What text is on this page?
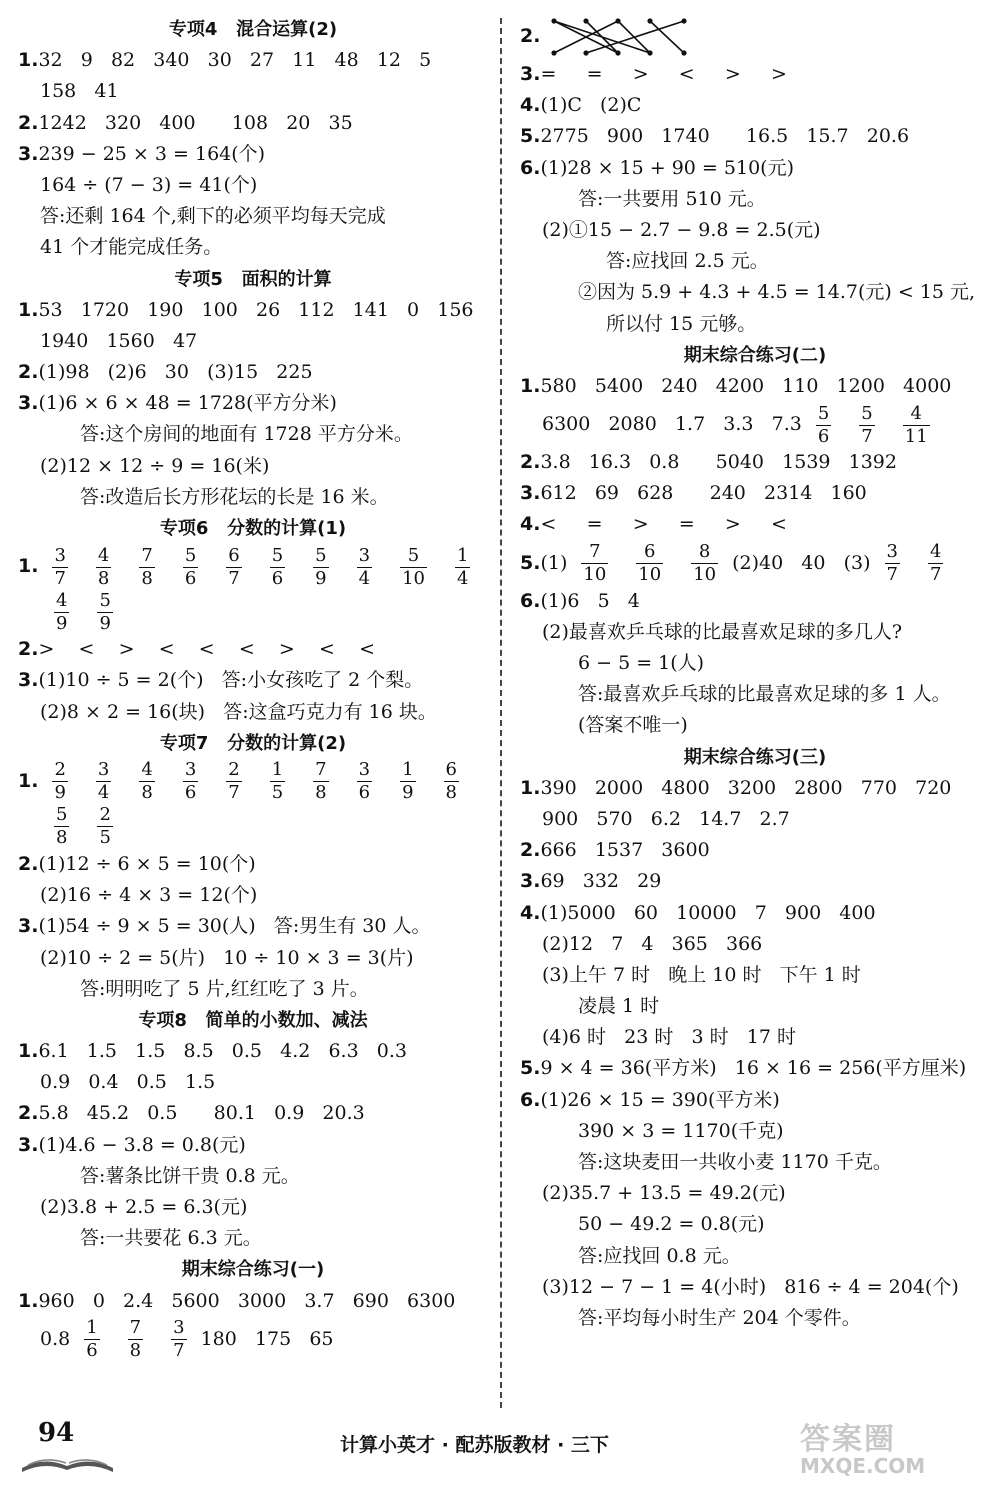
专项4   混合运算(2)
1.32   9   82   340   30   27   11   48   12   5
158   41
2.1242   320   400      108   20   35
3.239 − 25 × 3 = 164(个)
164 ÷ (7 − 3) = 41(个)
答:还剩 164 个,剩下的必须平均每天完成
41 个才能完成任务。
专项5   面积的计算
1.53   1720   190   100   26   112   141   0   156
1940   1560   47
2.(1)98   (2)6   30   (3)15   225
3.(1)6 × 6 × 48 = 1728(平方分米)
答:这个房间的地面有 1728 平方分米。
(2)12 × 12 ÷ 9 = 16(米)
答:改造后长方形花坛的长是 16 米。
专项6   分数的计算(1)
1. $\frac{3}{7} \frac{4}{8} \frac{7}{8} \frac{5}{6} \frac{6}{7} \frac{5}{6} \frac{5}{9} \frac{3}{4} \frac{5}{10} \frac{1}{4}$
$\frac{4}{9} \frac{5}{9}$
2.>    <    >    <    <    <    >    <    <
3.(1)10 ÷ 5 = 2(个)   答:小女孩吃了 2 个梨。
(2)8 × 2 = 16(块)   答:这盒巧克力有 16 块。
专项7   分数的计算(2)
1. $\frac{2}{9} \frac{3}{4} \frac{4}{8} \frac{3}{6} \frac{2}{7} \frac{1}{5} \frac{7}{8} \frac{3}{6} \frac{1}{9} \frac{6}{8}$
$\frac{5}{8} \frac{2}{5}$
2.(1)12 ÷ 6 × 5 = 10(个)
(2)16 ÷ 4 × 3 = 12(个)
3.(1)54 ÷ 9 × 5 = 30(人)   答:男生有 30 人。
(2)10 ÷ 2 = 5(片)   10 ÷ 10 × 3 = 3(片)
答:明明吃了 5 片,红红吃了 3 片。
专项8   简单的小数加、减法
1.6.1   1.5   1.5   8.5   0.5   4.2   6.3   0.3
0.9   0.4   0.5   1.5
2.5.8   45.2   0.5      80.1   0.9   20.3
3.(1)4.6 − 3.8 = 0.8(元)
答:薯条比饼干贵 0.8 元。
(2)3.8 + 2.5 = 6.3(元)
答:一共要花 6.3 元。
期末综合练习(一)
1.960   0   2.4   5600   3000   3.7   690   6300
$0.8 \frac{1}{6} \frac{7}{8} \frac{3}{7} 180$   175   65
2.
3.=     =     >     <     >     >
4.(1)C   (2)C
5.2775   900   1740      16.5   15.7   20.6
6.(1)28 × 15 + 90 = 510(元)
答:一共要用 510 元。
(2)①15 − 2.7 − 9.8 = 2.5(元)
答:应找回 2.5 元。
②因为 5.9 + 4.3 + 4.5 = 14.7(元) < 15 元,
所以付 15 元够。
期末综合练习(二)
1.580   5400   240   4200   110   1200   4000
6300   2080   1.7   3.3   $7.3 \frac{5}{6} \frac{5}{7} \frac{4}{11}$
2.3.8   16.3   0.8      5040   1539   1392
3.612   69   628      240   2314   160
4.<     =     >     =     >     <
$5.(1) \frac{7}{10} \frac{6}{10} \frac{8}{10} (2)40$   40   $(3) \frac{3}{7} \frac{4}{7}$
6.(1)6   5   4
(2)最喜欢乒乓球的比最喜欢足球的多几人?
6 − 5 = 1(人)
答:最喜欢乒乓球的比最喜欢足球的多 1 人。
(答案不唯一)
期末综合练习(三)
1.390   2000   4800   3200   2800   770   720
900   570   6.2   14.7   2.7
2.666   1537   3600
3.69   332   29
4.(1)5000   60   10000   7   900   400
(2)12   7   4   365   366
(3)上午 7 时   晚上 10 时   下午 1 时
凌晨 1 时
(4)6 时   23 时   3 时   17 时
5.9 × 4 = 36(平方米)   16 × 16 = 256(平方厘米)
6.(1)26 × 15 = 390(平方米)
390 × 3 = 1170(千克)
答:这块麦田一共收小麦 1170 千克。
(2)35.7 + 13.5 = 49.2(元)
50 − 49.2 = 0.8(元)
答:应找回 0.8 元。
(3)12 − 7 − 1 = 4(小时)   816 ÷ 4 = 204(个)
答:平均每小时生产 204 个零件。
94	计算小英才 · 配苏版教材 · 三下	答案圈
MXQE.COM
